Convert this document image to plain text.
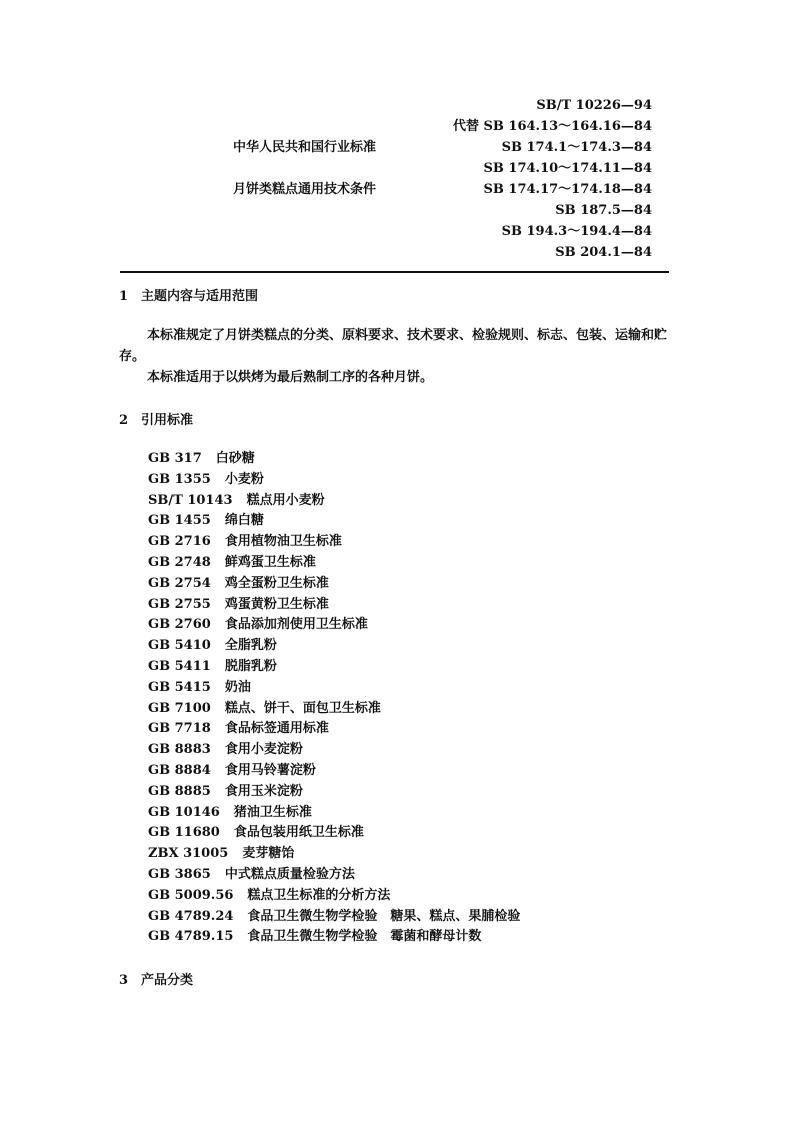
SB/T 10226—94
代替 SB 164.13～164.16—84
SB 174.1～174.3—84
SB 174.10～174.11—84
SB 174.17～174.18—84
SB 187.5—84
SB 194.3～194.4—84
SB 204.1—84
中华人民共和国行业标准
月饼类糕点通用技术条件
1 主题内容与适用范围
本标准规定了月饼类糕点的分类、原料要求、技术要求、检验规则、标志、包装、运输和贮存。
本标准适用于以烘烤为最后熟制工序的各种月饼。
2 引用标准
GB 317 白砂糖
GB 1355 小麦粉
SB/T 10143 糕点用小麦粉
GB 1455 绵白糖
GB 2716 食用植物油卫生标准
GB 2748 鲜鸡蛋卫生标准
GB 2754 鸡全蛋粉卫生标准
GB 2755 鸡蛋黄粉卫生标准
GB 2760 食品添加剂使用卫生标准
GB 5410 全脂乳粉
GB 5411 脱脂乳粉
GB 5415 奶油
GB 7100 糕点、饼干、面包卫生标准
GB 7718 食品标签通用标准
GB 8883 食用小麦淀粉
GB 8884 食用马铃薯淀粉
GB 8885 食用玉米淀粉
GB 10146 猪油卫生标准
GB 11680 食品包装用纸卫生标准
ZBX 31005 麦芽糖饴
GB 3865 中式糕点质量检验方法
GB 5009.56 糕点卫生标准的分析方法
GB 4789.24 食品卫生微生物学检验　糖果、糕点、果脯检验
GB 4789.15 食品卫生微生物学检验　霉菌和酵母计数
3 产品分类
